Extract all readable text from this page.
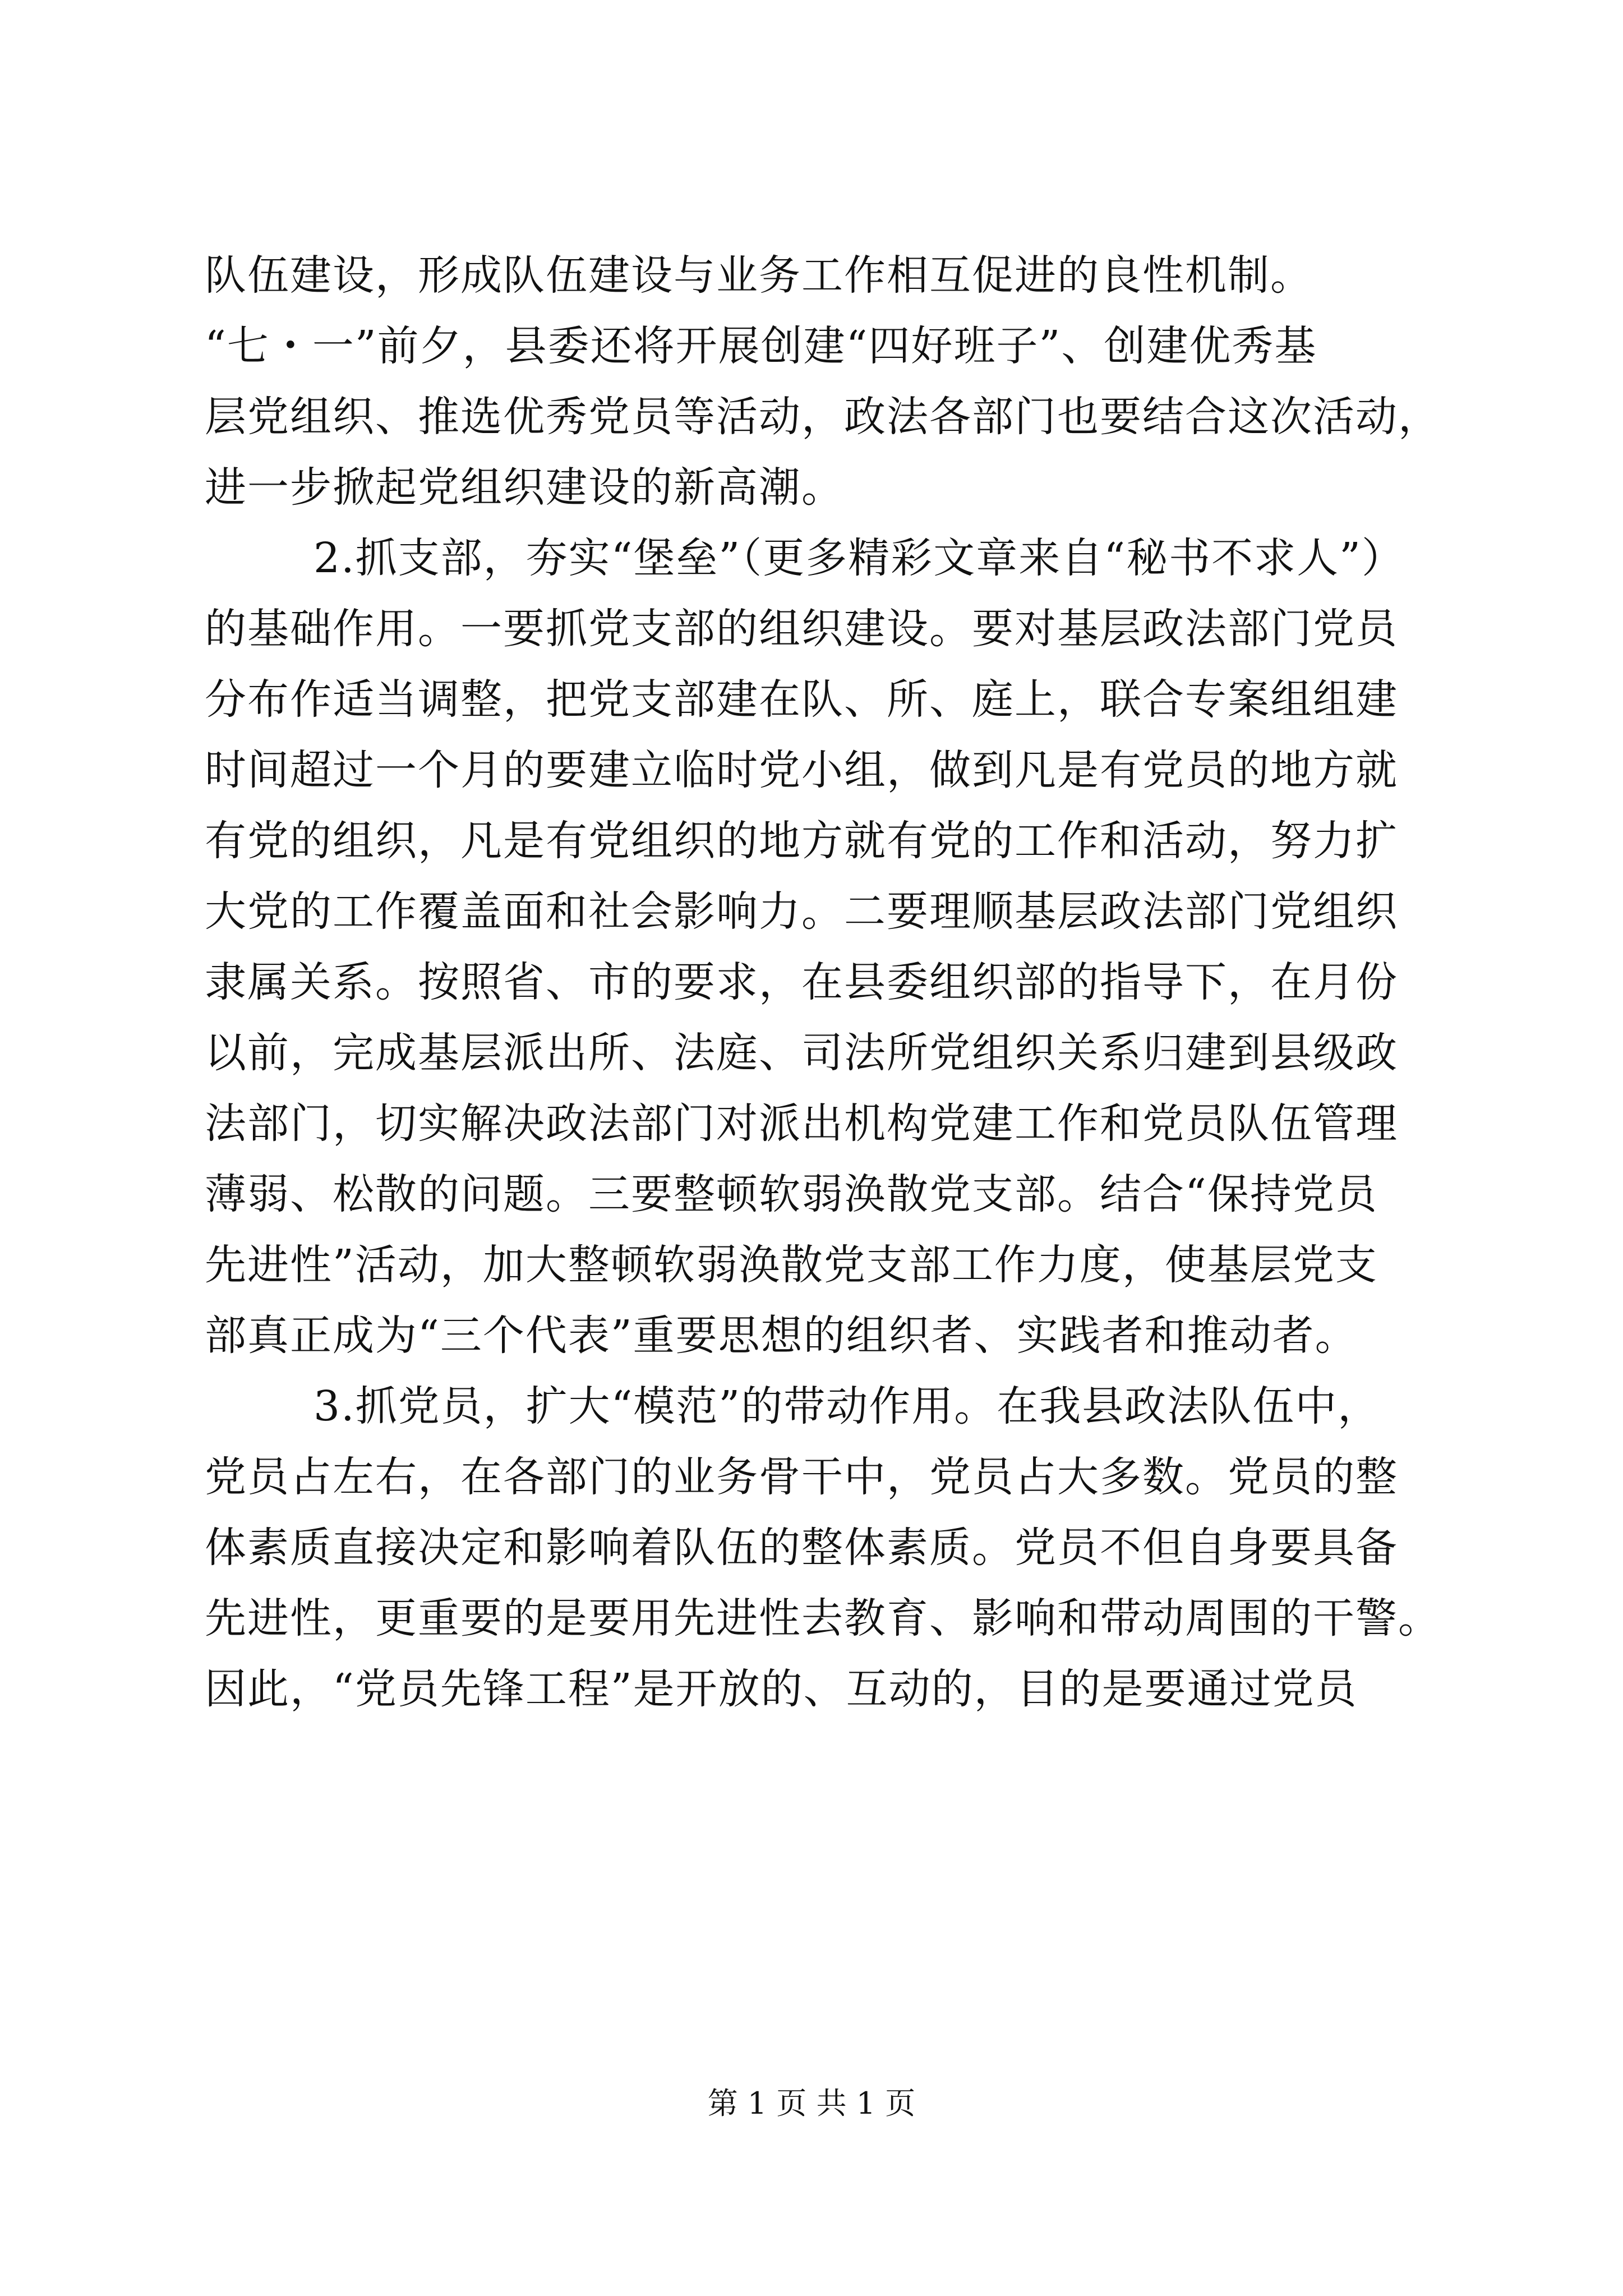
队伍建设，形成队伍建设与业务工作相互促进的良性机制。
“七・一”前夕，县委还将开展创建“四好班子”、创建优秀基
层党组织、推选优秀党员等活动，政法各部门也要结合这次活动，
进一步掀起党组织建设的新高潮。
2.抓支部，夯实“堡垒”（更多精彩文章来自“秘书不求人”）
的基础作用。一要抓党支部的组织建设。要对基层政法部门党员
分布作适当调整，把党支部建在队、所、庭上，联合专案组组建
时间超过一个月的要建立临时党小组，做到凡是有党员的地方就
有党的组织，凡是有党组织的地方就有党的工作和活动，努力扩
大党的工作覆盖面和社会影响力。二要理顺基层政法部门党组织
隶属关系。按照省、市的要求，在县委组织部的指导下，在月份
以前，完成基层派出所、法庭、司法所党组织关系归建到县级政
法部门，切实解决政法部门对派出机构党建工作和党员队伍管理
薄弱、松散的问题。三要整顿软弱涣散党支部。结合“保持党员
先进性”活动，加大整顿软弱涣散党支部工作力度，使基层党支
部真正成为“三个代表”重要思想的组织者、实践者和推动者。
3.抓党员，扩大“模范”的带动作用。在我县政法队伍中，
党员占左右，在各部门的业务骨干中，党员占大多数。党员的整
体素质直接决定和影响着队伍的整体素质。党员不但自身要具备
先进性，更重要的是要用先进性去教育、影响和带动周围的干警。
因此，“党员先锋工程”是开放的、互动的，目的是要通过党员
第 1 页 共 1 页
